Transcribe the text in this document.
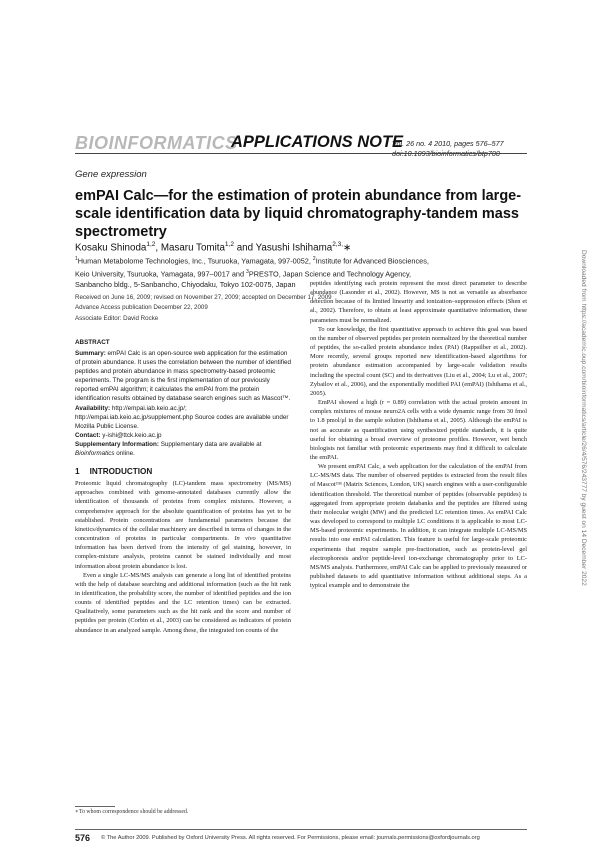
BIOINFORMATICS
APPLICATIONS NOTE
Vol. 26 no. 4 2010, pages 576–577
Gene expression
emPAI Calc—for the estimation of protein abundance from large-scale identification data by liquid chromatography-tandem mass spectrometry
Kosaku Shinoda$^{1,2}$, Masaru Tomita$^{1,2}$ and Yasushi Ishihama$^{2,3,}$∗
$^1$Human Metabolome Technologies, Inc., Tsuruoka, Yamagata, 997-0052, $^2$Institute for Advanced Biosciences,
Keio University, Tsuruoka, Yamagata, 997–0017 and $^3$PRESTO, Japan Science and Technology Agency,
Sanbancho bldg., 5-Sanbancho, Chiyodaku, Tokyo 102-0075, Japan
Received on June 16, 2009; revised on November 27, 2009; accepted on December 17, 2009
Advance Access publication December 22, 2009
Associate Editor: David Rocke
ABSTRACT

Summary: emPAI Calc is an open-source web application for the estimation of protein abundance. It uses the correlation between the number of identified peptides and protein abundance in mass spectrometry-based proteomic experiments. The program is the first implementation of our previously reported emPAI algorithm; it calculates the emPAI from the protein identification results obtained by database search engines such as Mascot™.

Availability: http://empai.iab.keio.ac.jp/; http://empai.iab.keio.ac.jp/supplement.php Source codes are available under Mozilla Public License.

Contact: y-ishi@ttck.keio.ac.jp

Supplementary Information: Supplementary data are available at Bioinformatics online.

1 INTRODUCTION

Proteomic liquid chromatography (LC)-tandem mass spectrometry (MS/MS) approaches combined with genome-annotated databases currently allow the identification of thousands of proteins from complex mixtures. However, a comprehensive approach for the absolute quantification of proteins has yet to be established. Protein concentrations are fundamental parameters because the kinetics/dynamics of the cellular machinery are described in terms of changes in the concentration of proteins in particular compartments. In vivo quantitative information has been derived from the intensity of gel staining, however, in complex-mixture analysis, proteins cannot be stained individually and most information about protein abundance is lost.

Even a single LC-MS/MS analysis can generate a long list of identified proteins with the help of database searching and additional information (such as the hit rank in identification, the probability score, the number of identified peptides and the ion counts of identified peptides and the LC retention times) can be extracted. Qualitatively, some parameters such as the hit rank and the score and number of peptides per protein (Corbin et al., 2003) can be considered as indicators of protein abundance in an analyzed sample. Among these, the integrated ion counts of the

peptides identifying each protein represent the most direct parameter to describe abundance (Lasonder et al., 2002). However, MS is not as versatile as absorbance detection because of its limited linearity and ionization–suppression effects (Shen et al., 2002). Therefore, to obtain at least approximate quantitative information, these parameters must be normalized.

To our knowledge, the first quantitative approach to achieve this goal was based on the number of observed peptides per protein normalized by the theoretical number of peptides, the so-called protein abundance index (PAI) (Rappsilber et al., 2002). More recently, several groups reported new identification-based algorithms for protein abundance estimation accompanied by large-scale validation results including the spectral count (SC) and its derivatives (Liu et al., 2004; Lu et al., 2007; Zybailov et al., 2006), and the exponentially modified PAI (emPAI) (Ishihama et al., 2005).

EmPAI showed a high (r = 0.89) correlation with the actual protein amount in complex mixtures of mouse neuro2A cells with a wide dynamic range from 30 fmol to 1.8 pmol/μl in the sample solution (Ishihama et al., 2005). Although the emPAI is not as accurate as quantification using synthesized peptide standards, it is quite useful for obtaining a broad overview of proteome profiles. However, wet bench biologists not familiar with proteomic experiments may find it difficult to calculate the emPAI.

We present emPAI Calc, a web application for the calculation of the emPAI from LC-MS/MS data. The number of observed peptides is extracted from the result files of Mascot™ (Matrix Sciences, London, UK) search engines with a user-configurable identification threshold. The theoretical number of peptides (observable peptides) is aggregated from appropriate protein databanks and the peptides are filtered using their molecular weight (MW) and the predicted LC retention times. As emPAI Calc was developed to correspond to multiple LC conditions it is applicable to most LC-MS-based proteomic experiments. In addition, it can integrate multiple LC-MS/MS results into one emPAI calculation. This feature is useful for large-scale proteomic experiments that require sample pre-fractionation, such as protein-level gel electrophoresis and/or peptide-level ion-exchange chromatography prior to LC-MS/MS analysis. Furthermore, emPAI Calc can be applied to previously measured or published datasets to add quantitative information without additional steps. As a typical example and to demonstrate the

∗To whom correspondence should be addressed.
576 © The Author 2009. Published by Oxford University Press. All rights reserved. For Permissions, please email: journals.permissions@oxfordjournals.org
Downloaded from https://academic.oup.com/bioinformatics/article/26/4/576/243777 by guest on 14 December 2022
